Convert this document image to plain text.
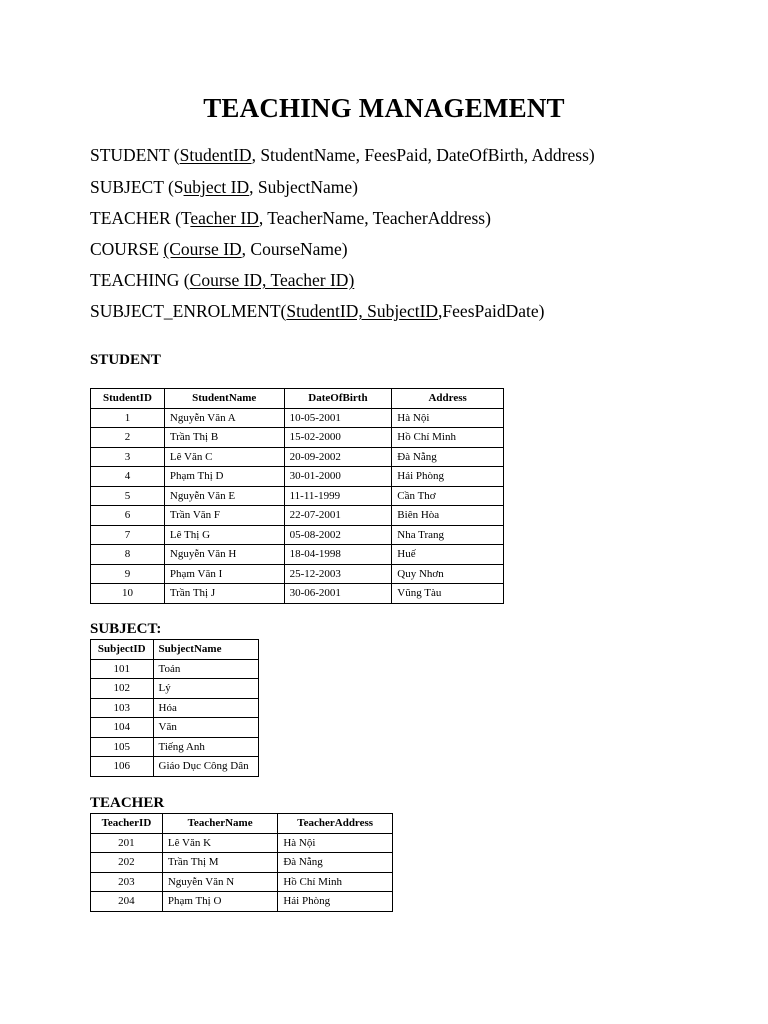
TEACHING MANAGEMENT
STUDENT (StudentID, StudentName, FeesPaid, DateOfBirth, Address)
SUBJECT (Subject ID, SubjectName)
TEACHER (Teacher ID, TeacherName, TeacherAddress)
COURSE (Course ID, CourseName)
TEACHING (Course ID, Teacher ID)
SUBJECT_ENROLMENT(StudentID, SubjectID,FeesPaidDate)
STUDENT
StudentID	StudentName	DateOfBirth	Address
1	Nguyễn Văn A	10-05-2001	Hà Nội
2	Trần Thị B	15-02-2000	Hồ Chí Minh
3	Lê Văn C	20-09-2002	Đà Nẵng
4	Phạm Thị D	30-01-2000	Hải Phòng
5	Nguyễn Văn E	11-11-1999	Cần Thơ
6	Trần Văn F	22-07-2001	Biên Hòa
7	Lê Thị G	05-08-2002	Nha Trang
8	Nguyễn Văn H	18-04-1998	Huế
9	Phạm Văn I	25-12-2003	Quy Nhơn
10	Trần Thị J	30-06-2001	Vũng Tàu
SUBJECT:
SubjectID	SubjectName
101	Toán
102	Lý
103	Hóa
104	Văn
105	Tiếng Anh
106	Giáo Dục Công Dân
TEACHER
TeacherID	TeacherName	TeacherAddress
201	Lê Văn K	Hà Nội
202	Trần Thị M	Đà Nẵng
203	Nguyễn Văn N	Hồ Chí Minh
204	Phạm Thị O	Hải Phòng
